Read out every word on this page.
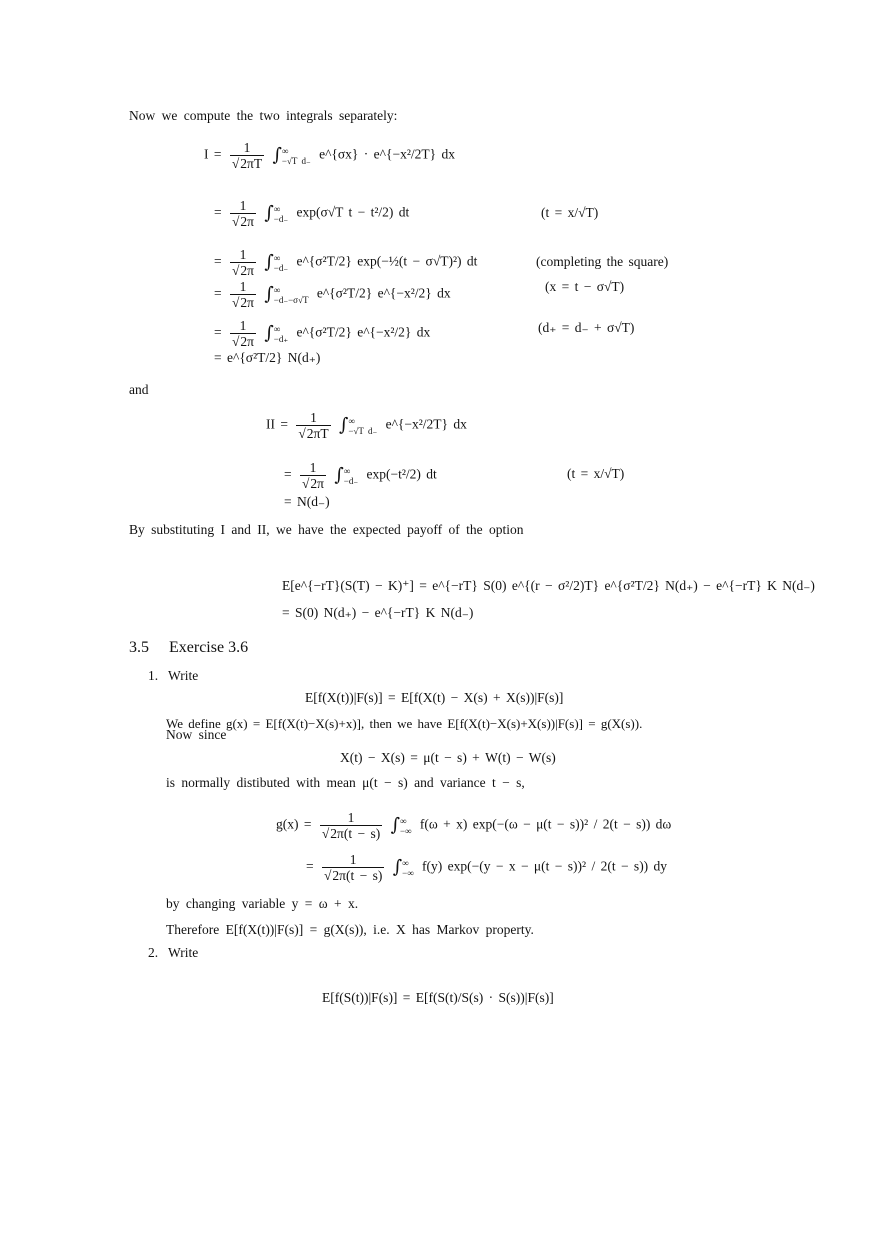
Now we compute the two integrals separately:
$I = \frac{1}{√2\pi T}$ ∫∞
−√T d₋ e^{σx} · e^{−x²/2T} dx
= $\frac{1}{√2\pi}$ ∫∞
−d₋ exp(σ√T t − t²/2) dt	(t = x/√T)
= $\frac{1}{√2\pi}$ ∫∞
−d₋ e^{σ²T/2} exp(−½(t − σ√T)²) dt	(completing the square)
= $\frac{1}{√2\pi}$ ∫∞
−d₋−σ√T e^{σ²T/2} e^{−x²/2} dx	(x = t − σ√T)
= $\frac{1}{√2\pi}$ ∫∞
−d₊ e^{σ²T/2} e^{−x²/2} dx	(d₊ = d₋ + σ√T)
= e^{σ²T/2} N(d₊)
and
II = $\frac{1}{√2\pi T}$ ∫∞
−√T d₋ e^{−x²/2T} dx
= $\frac{1}{√2\pi}$ ∫∞
−d₋ exp(−t²/2) dt	(t = x/√T)
= N(d₋)
By substituting I and II, we have the expected payoff of the option
E[e^{−rT}(S(T) − K)⁺] = e^{−rT} S(0) e^{(r − σ²/2)T} e^{σ²T/2} N(d₊) − e^{−rT} K N(d₋)
= S(0) N(d₊) − e^{−rT} K N(d₋)
3.5 Exercise 3.6
1. Write
E[f(X(t))|F(s)] = E[f(X(t) − X(s) + X(s))|F(s)]
We define g(x) = E[f(X(t)−X(s)+x)], then we have E[f(X(t)−X(s)+X(s))|F(s)] = g(X(s)).
Now since
X(t) − X(s) = μ(t − s) + W(t) − W(s)
is normally distibuted with mean μ(t − s) and variance t − s,
$g(x) = \frac{1}{√2\pi(t - s)}$ ∫∞
−∞ f(ω + x) exp(−(ω − μ(t − s))² / 2(t − s)) dω
= $\frac{1}{√2\pi(t - s)}$ ∫∞
−∞ f(y) exp(−(y − x − μ(t − s))² / 2(t − s)) dy
by changing variable y = ω + x.
Therefore E[f(X(t))|F(s)] = g(X(s)), i.e. X has Markov property.
2. Write
E[f(S(t))|F(s)] = E[f(S(t)/S(s) · S(s))|F(s)]
